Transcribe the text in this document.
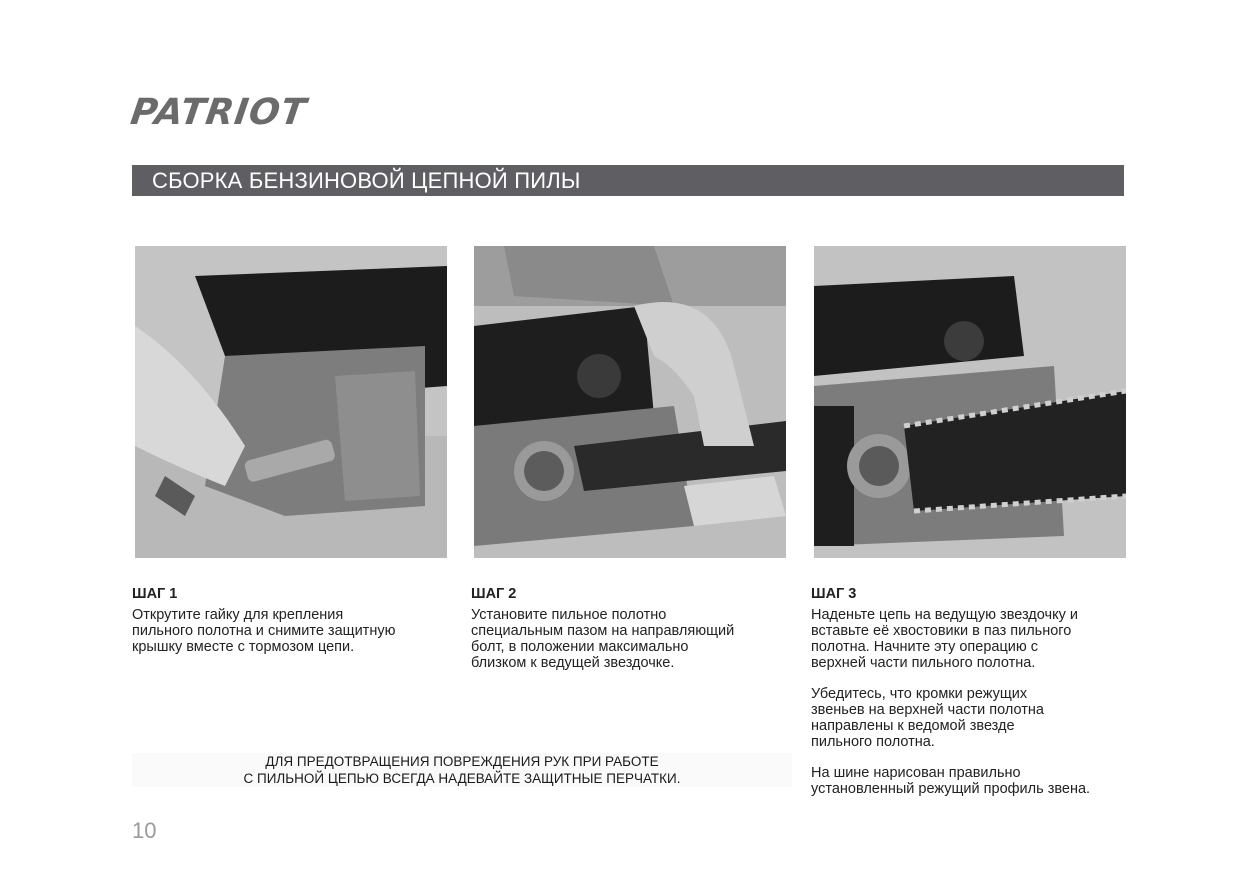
PATRIOT
СБОРКА БЕНЗИНОВОЙ ЦЕПНОЙ ПИЛЫ
ШАГ 1

Открутите гайку для крепления
пильного полотна и снимите защитную
крышку вместе с тормозом цепи.

ШАГ 2

Установите пильное полотно
специальным пазом на направляющий
болт, в положении максимально
близком к ведущей звездочке.

ШАГ 3

Наденьте цепь на ведущую звездочку и
вставьте её хвостовики в паз пильного
полотна. Начните эту операцию с
верхней части пильного полотна.

Убедитесь, что кромки режущих
звеньев на верхней части полотна
направлены к ведомой звезде
пильного полотна.

На шине нарисован правильно
установленный режущий профиль звена.

ДЛЯ ПРЕДОТВРАЩЕНИЯ ПОВРЕЖДЕНИЯ РУК ПРИ РАБОТЕ
С ПИЛЬНОЙ ЦЕПЬЮ ВСЕГДА НАДЕВАЙТЕ ЗАЩИТНЫЕ ПЕРЧАТКИ.
10
